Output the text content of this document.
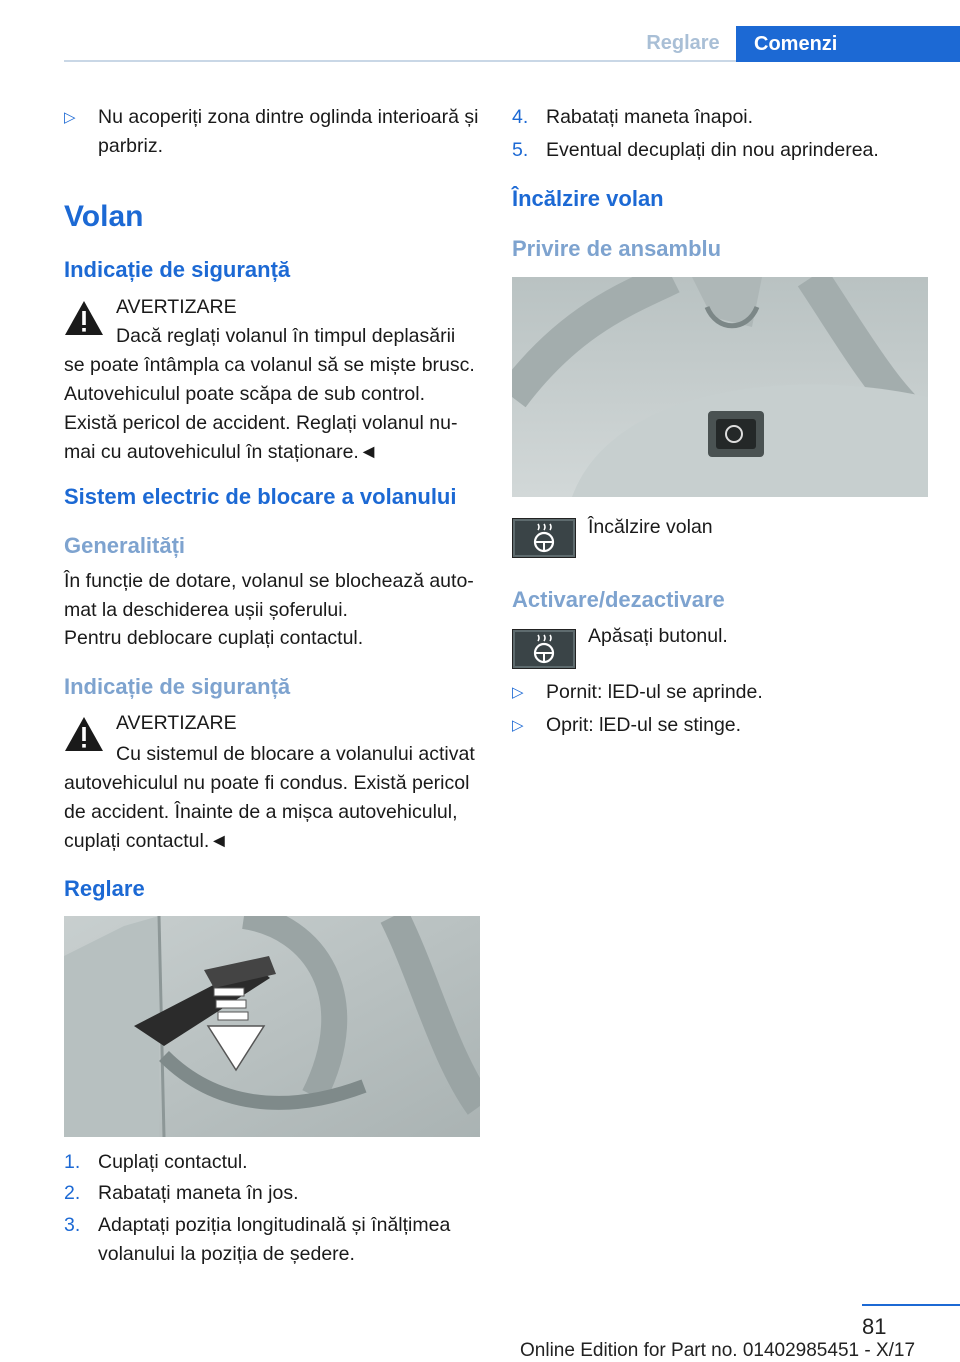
Reglare	Comenzi
▷ Nu acoperiți zona dintre oglinda interioară și parbriz.
Volan
Indicație de siguranță
AVERTIZARE
Dacă reglați volanul în timpul deplasării
se poate întâmpla ca volanul să se miște brusc. Autovehiculul poate scăpa de sub control. Există pericol de accident. Reglați volanul nu‐mai cu autovehiculul în staționare.◄
Sistem electric de blocare a volanului
Generalități
În funcție de dotare, volanul se blochează auto‐mat la deschiderea ușii șoferului.
Pentru deblocare cuplați contactul.
Indicație de siguranță
AVERTIZARE
Cu sistemul de blocare a volanului activat
autovehiculul nu poate fi condus. Există pericol de accident. Înainte de a mișca autovehiculul, cuplați contactul.◄
Reglare
1. Cuplați contactul.
2. Rabatați maneta în jos.
3. Adaptați poziția longitudinală și înălțimea volanului la poziția de ședere.
4. Rabatați maneta înapoi.
5. Eventual decuplați din nou aprinderea.
Încălzire volan
Privire de ansamblu
Încălzire volan
Activare/dezactivare
Apăsați butonul.
▷ Pornit: lED-ul se aprinde.
▷ Oprit: lED-ul se stinge.
81
Online Edition for Part no. 01402985451 - X/17
